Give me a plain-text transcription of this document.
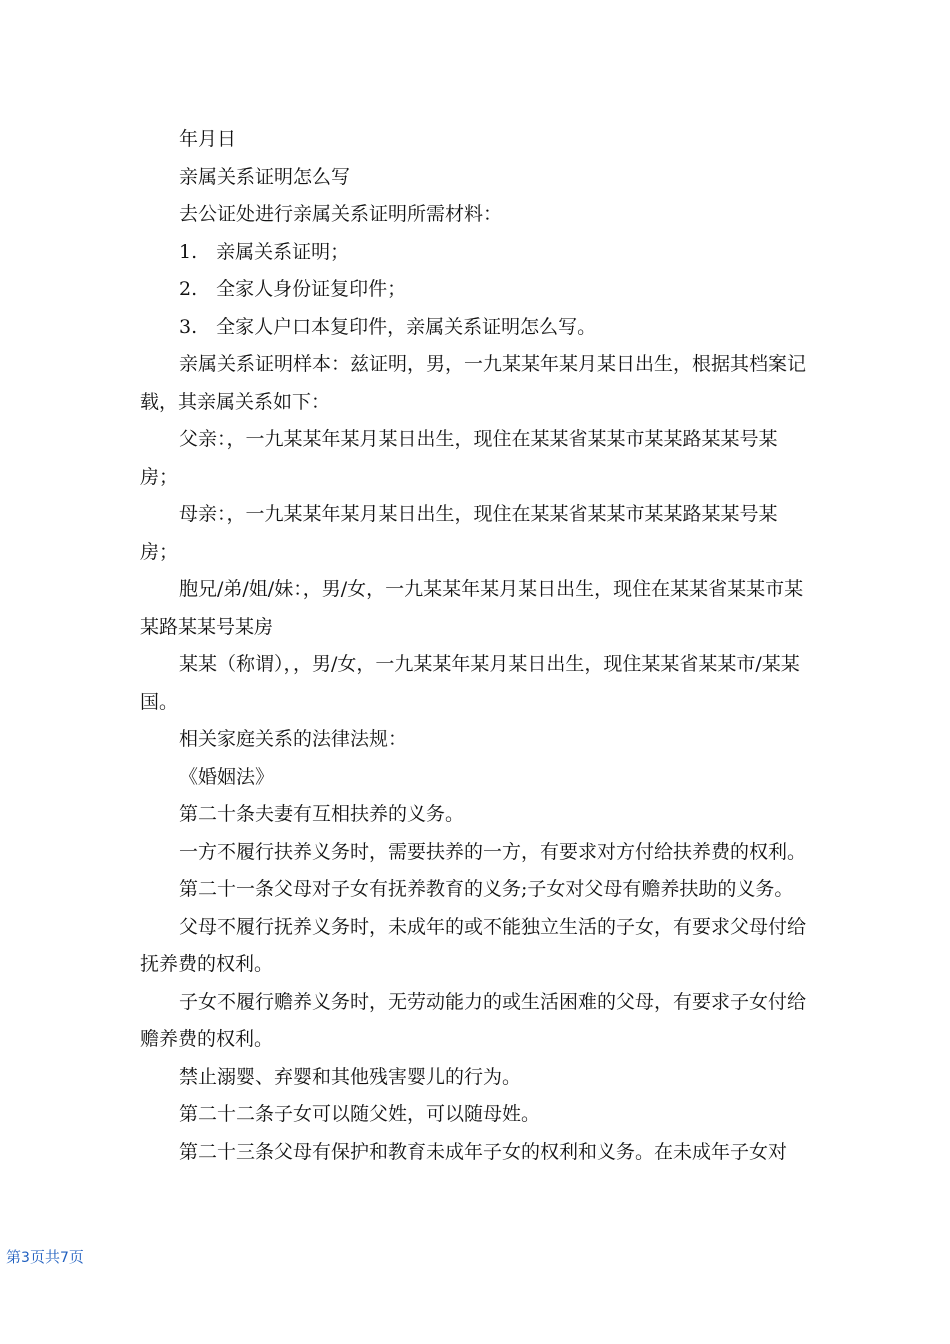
年月日

亲属关系证明怎么写

去公证处进行亲属关系证明所需材料：

1.　亲属关系证明；

2.　全家人身份证复印件；

3.　全家人户口本复印件，亲属关系证明怎么写。

亲属关系证明样本：兹证明，男，一九某某年某月某日出生，根据其档案记载，其亲属关系如下：

父亲：，一九某某年某月某日出生，现住在某某省某某市某某路某某号某房；

母亲：，一九某某年某月某日出生，现住在某某省某某市某某路某某号某房；

胞兄/弟/姐/妹：，男/女，一九某某年某月某日出生，现住在某某省某某市某某路某某号某房

某某（称谓），，男/女，一九某某年某月某日出生，现住某某省某某市/某某国。

相关家庭关系的法律法规：

《婚姻法》

第二十条夫妻有互相扶养的义务。

一方不履行扶养义务时，需要扶养的一方，有要求对方付给扶养费的权利。

第二十一条父母对子女有抚养教育的义务;子女对父母有赡养扶助的义务。

父母不履行抚养义务时，未成年的或不能独立生活的子女，有要求父母付给抚养费的权利。

子女不履行赡养义务时，无劳动能力的或生活困难的父母，有要求子女付给赡养费的权利。

禁止溺婴、弃婴和其他残害婴儿的行为。

第二十二条子女可以随父姓，可以随母姓。

第二十三条父母有保护和教育未成年子女的权利和义务。在未成年子女对

第3页共7页
